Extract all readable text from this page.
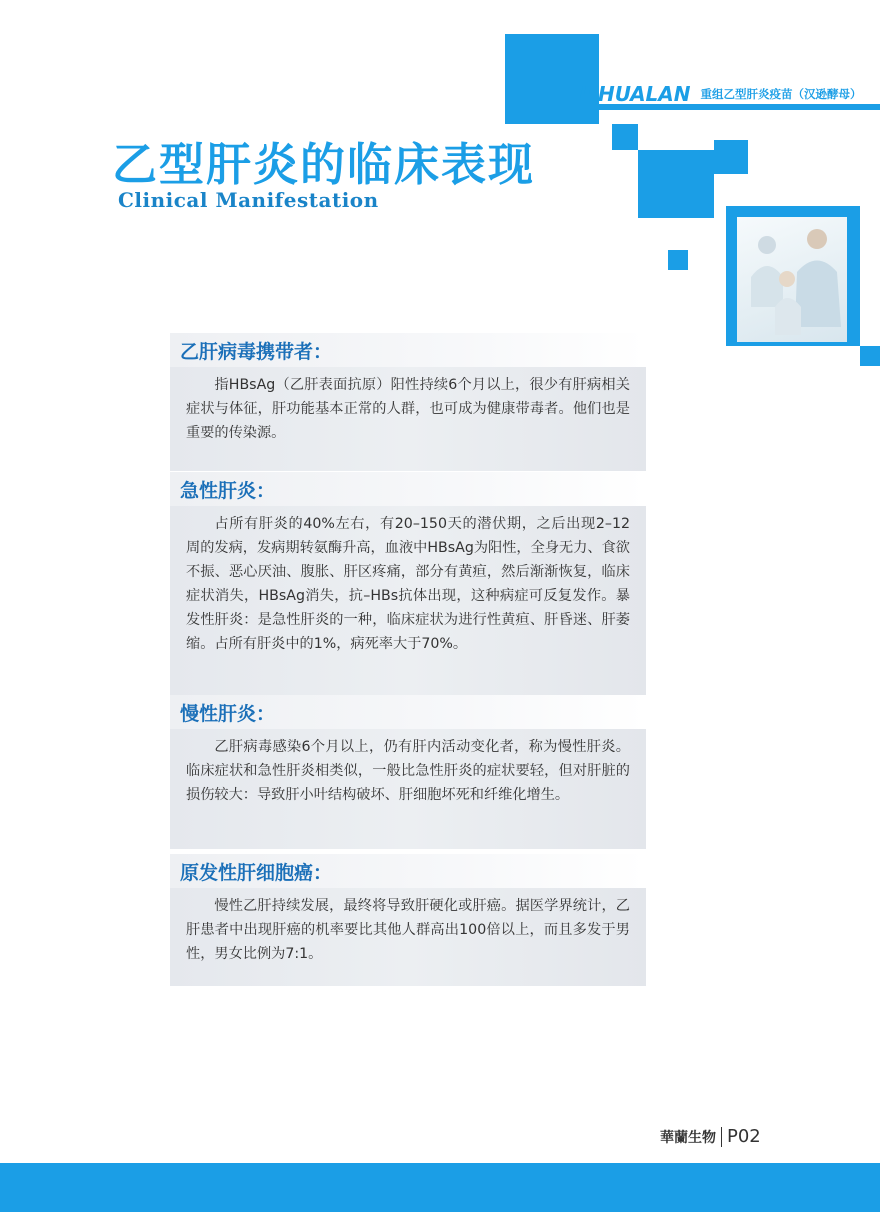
HUALAN 重组乙型肝炎疫苗（汉逊酵母）
乙型肝炎的临床表现
Clinical Manifestation
乙肝病毒携带者：

指HBsAg（乙肝表面抗原）阳性持续6个月以上，很少有肝病相关症状与体征，肝功能基本正常的人群，也可成为健康带毒者。他们也是重要的传染源。

急性肝炎：

占所有肝炎的40%左右，有20–150天的潜伏期，之后出现2–12周的发病，发病期转氨酶升高，血液中HBsAg为阳性，全身无力、食欲不振、恶心厌油、腹胀、肝区疼痛，部分有黄疸，然后渐渐恢复，临床症状消失，HBsAg消失，抗–HBs抗体出现，这种病症可反复发作。暴发性肝炎：是急性肝炎的一种，临床症状为进行性黄疸、肝昏迷、肝萎缩。占所有肝炎中的1%，病死率大于70%。

慢性肝炎：

乙肝病毒感染6个月以上，仍有肝内活动变化者，称为慢性肝炎。临床症状和急性肝炎相类似，一般比急性肝炎的症状要轻，但对肝脏的损伤较大：导致肝小叶结构破坏、肝细胞坏死和纤维化增生。

原发性肝细胞癌：

慢性乙肝持续发展，最终将导致肝硬化或肝癌。据医学界统计，乙肝患者中出现肝癌的机率要比其他人群高出100倍以上，而且多发于男性，男女比例为7:1。

華蘭生物 P02
